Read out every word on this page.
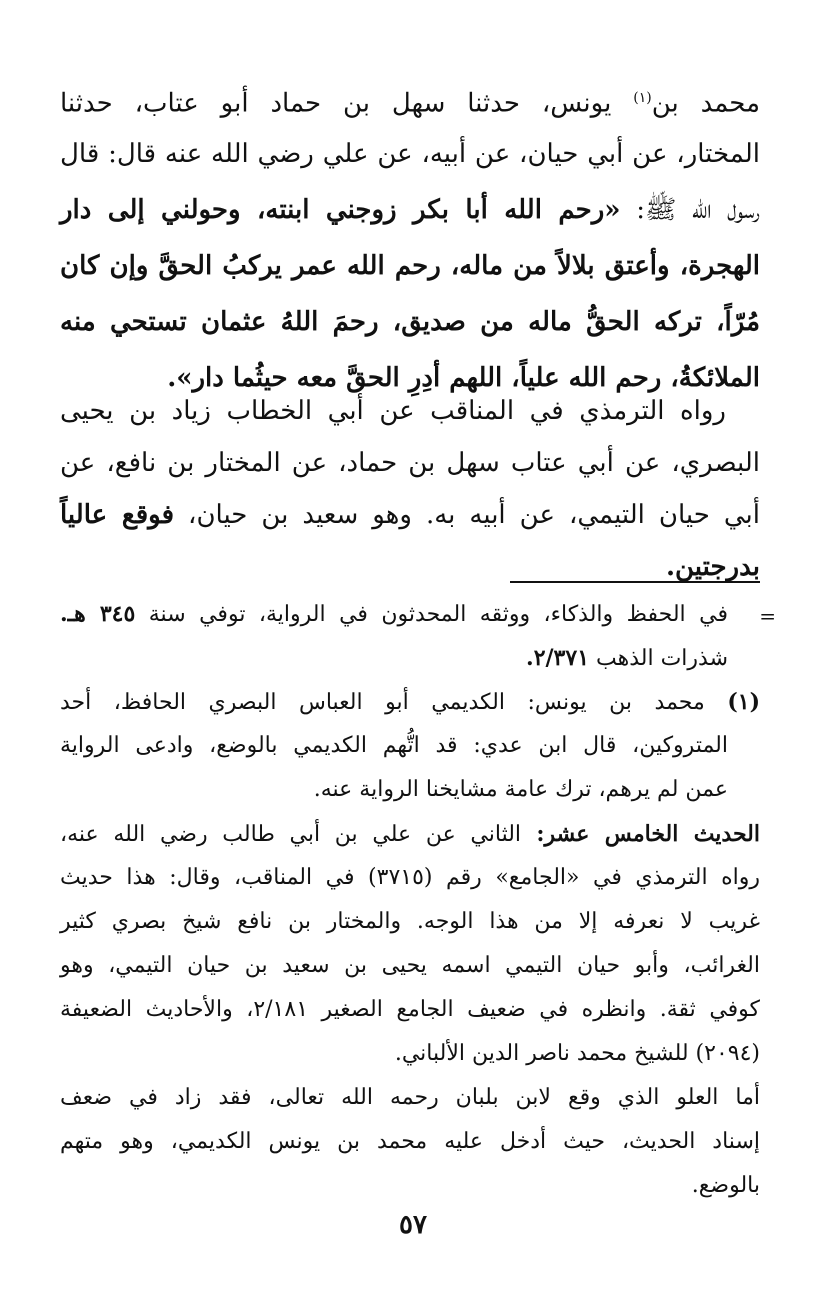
محمد بن$^{(١)}$ يونس، حدثنا سهل بن حماد أبو عتاب، حدثنا
المختار، عن أبي حيان، عن أبيه، عن علي رضي الله عنه قال: قال
رسول الله ﷺ: «رحم الله أبا بكر زوجني ابنته، وحولني إلى دار
الهجرة، وأعتق بلالاً من ماله، رحم الله عمر يركبُ الحقَّ وإن كان
مُرّاً، تركه الحقُّ ماله من صديق، رحمَ اللهُ عثمان تستحي منه
الملائكةُ، رحم الله علياً، اللهم أدِرِ الحقَّ معه حيثُما دار».
رواه الترمذي في المناقب عن أبي الخطاب زياد بن يحيى
البصري، عن أبي عتاب سهل بن حماد، عن المختار بن نافع، عن
أبي حيان التيمي، عن أبيه به. وهو سعيد بن حيان، فوقع عالياً
بدرجتين.
=
في الحفظ والذكاء، ووثقه المحدثون في الرواية، توفي سنة ٣٤٥ هـ.
شذرات الذهب ٢/٣٧١.
(١) محمد بن يونس: الكديمي أبو العباس البصري الحافظ، أحد
المتروكين، قال ابن عدي: قد اتُّهم الكديمي بالوضع، وادعى الرواية
عمن لم يرهم، ترك عامة مشايخنا الرواية عنه.
الحديث الخامس عشر: الثاني عن علي بن أبي طالب رضي الله عنه،
رواه الترمذي في «الجامع» رقم (٣٧١٥) في المناقب، وقال: هذا حديث
غريب لا نعرفه إلا من هذا الوجه. والمختار بن نافع شيخ بصري كثير
الغرائب، وأبو حيان التيمي اسمه يحيى بن سعيد بن حيان التيمي، وهو
كوفي ثقة. وانظره في ضعيف الجامع الصغير ٢/١٨١، والأحاديث الضعيفة
(٢٠٩٤) للشيخ محمد ناصر الدين الألباني.
أما العلو الذي وقع لابن بلبان رحمه الله تعالى، فقد زاد في ضعف
إسناد الحديث، حيث أدخل عليه محمد بن يونس الكديمي، وهو متهم
بالوضع.
٥٧
